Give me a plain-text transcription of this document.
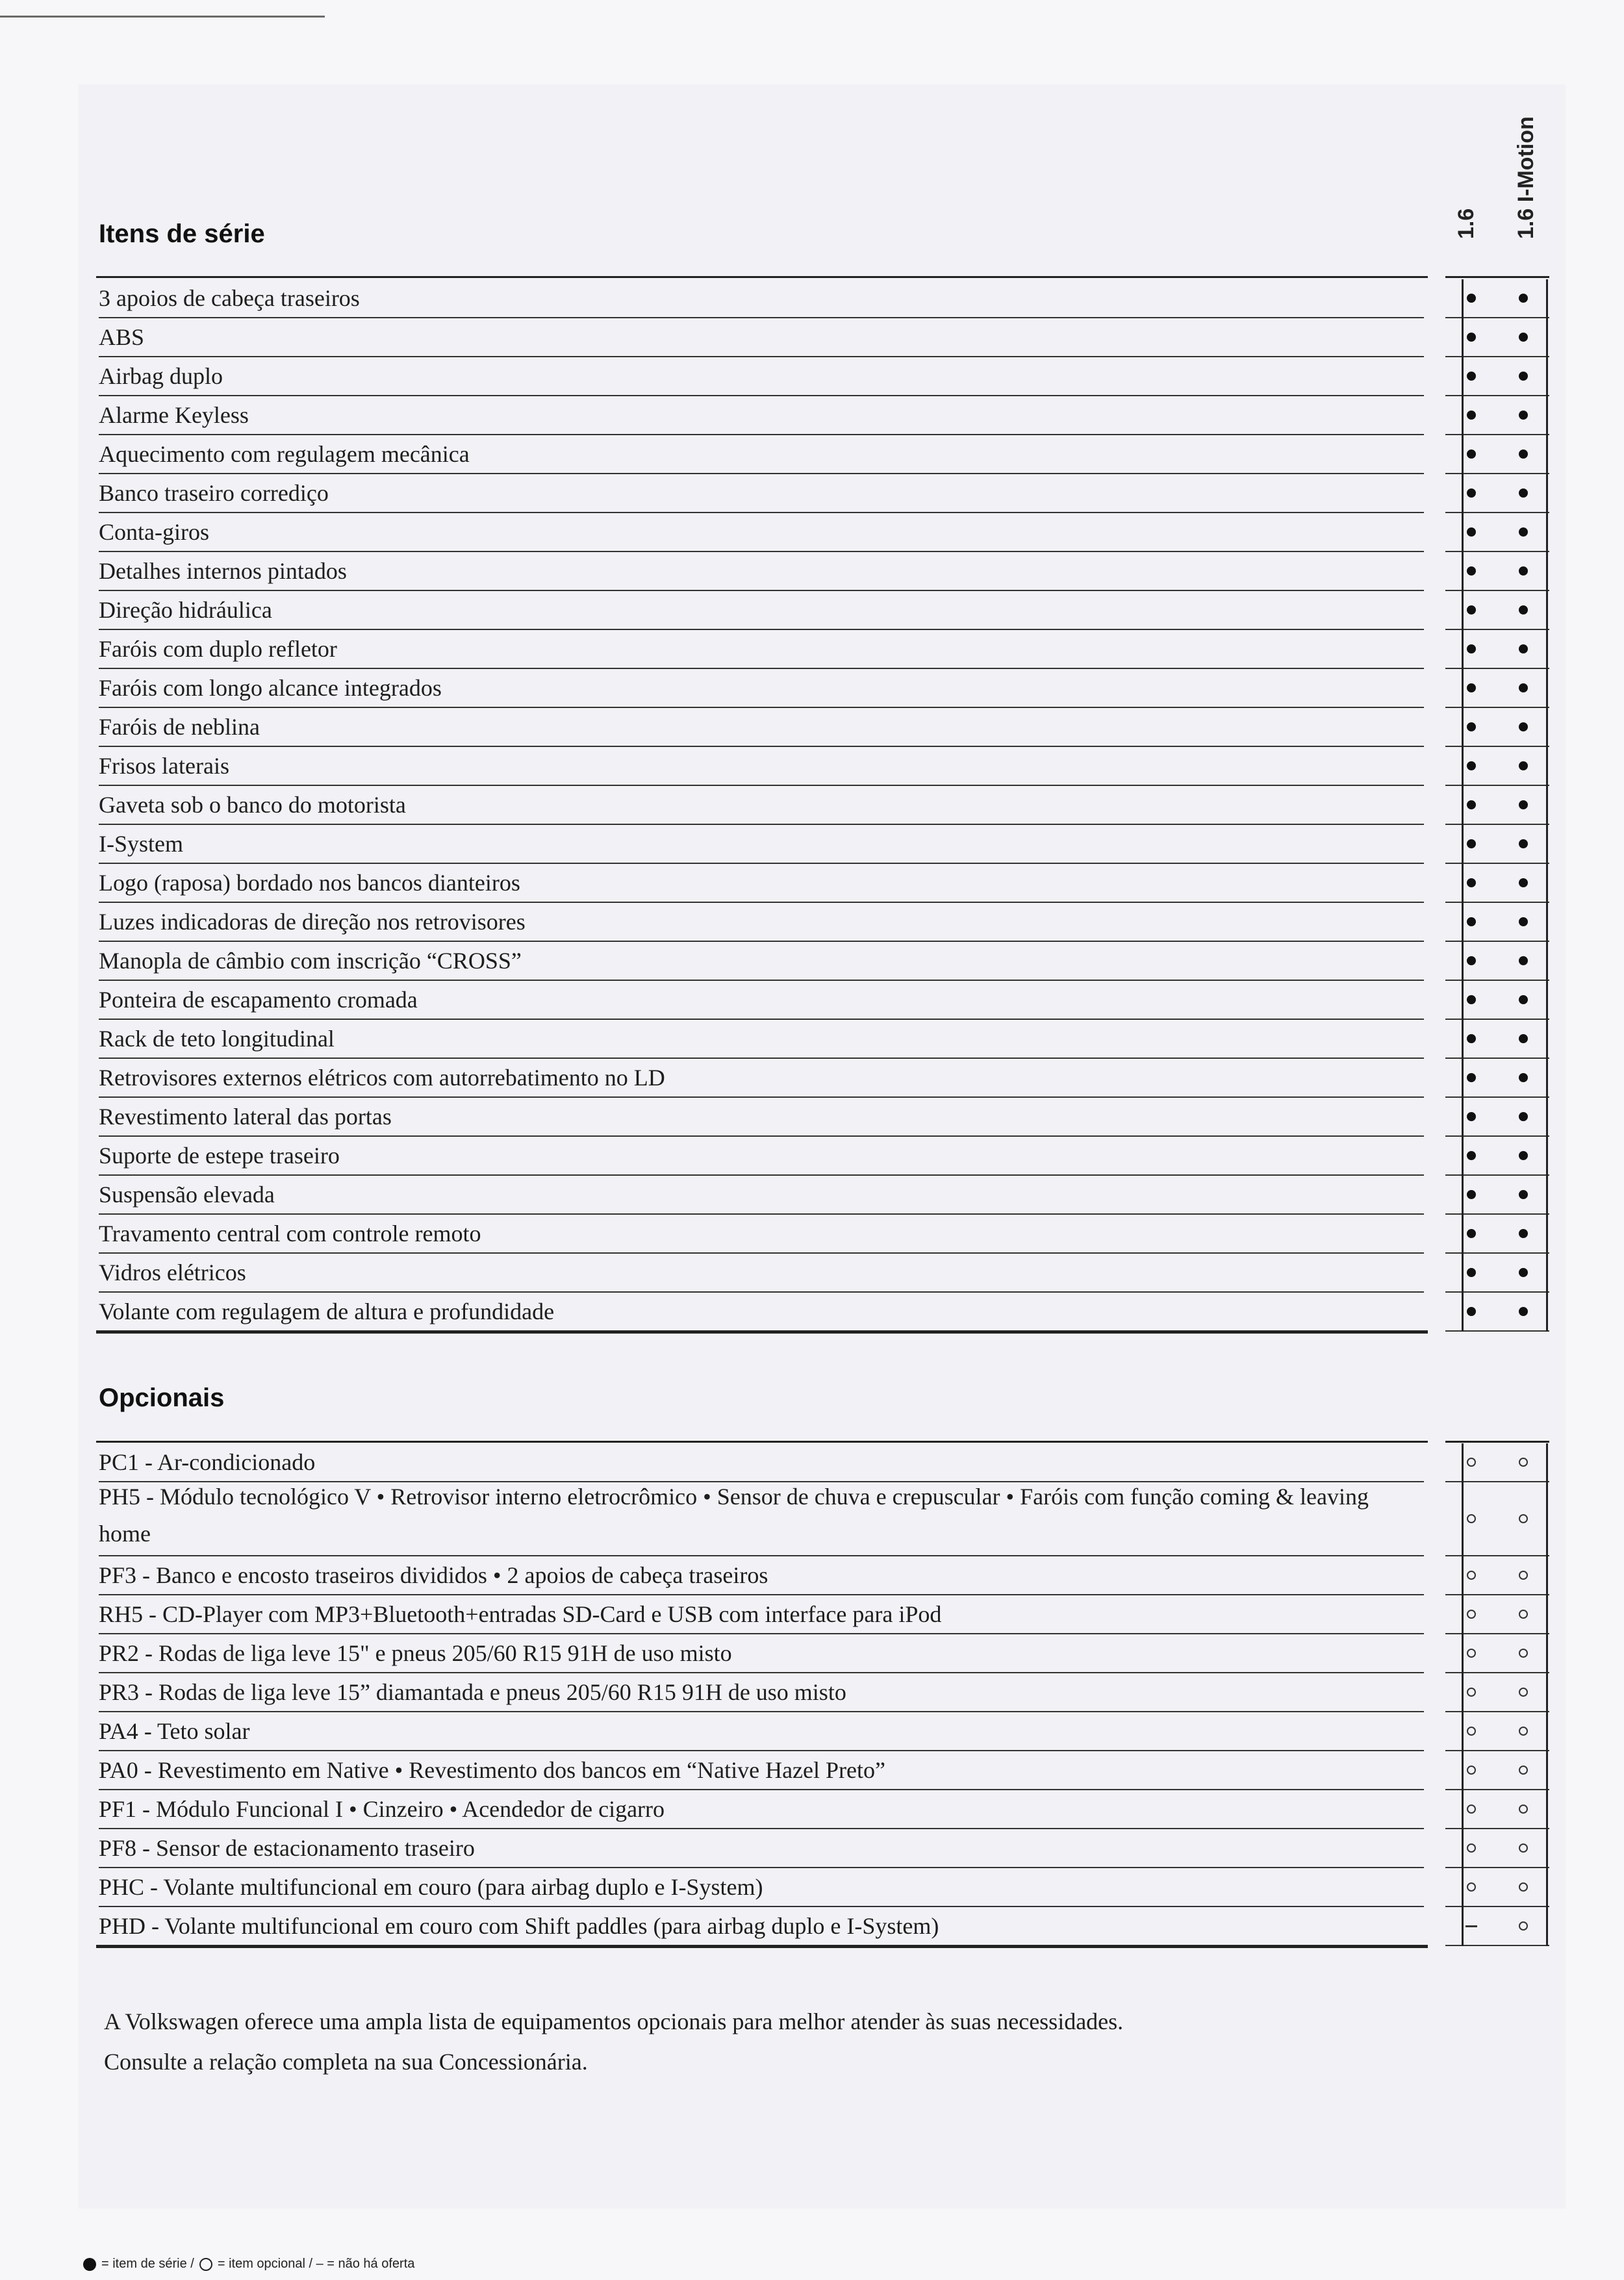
1.6 1.6 I-Motion
Itens de série
3 apoios de cabeça traseiros
ABS
Airbag duplo
Alarme Keyless
Aquecimento com regulagem mecânica
Banco traseiro corrediço
Conta-giros
Detalhes internos pintados
Direção hidráulica
Faróis com duplo refletor
Faróis com longo alcance integrados
Faróis de neblina
Frisos laterais
Gaveta sob o banco do motorista
I-System
Logo (raposa) bordado nos bancos dianteiros
Luzes indicadoras de direção nos retrovisores
Manopla de câmbio com inscrição “CROSS”
Ponteira de escapamento cromada
Rack de teto longitudinal
Retrovisores externos elétricos com autorrebatimento no LD
Revestimento lateral das portas
Suporte de estepe traseiro
Suspensão elevada
Travamento central com controle remoto
Vidros elétricos
Volante com regulagem de altura e profundidade
Opcionais
PC1 - Ar-condicionado
PH5 - Módulo tecnológico V • Retrovisor interno eletrocrômico • Sensor de chuva e crepuscular • Faróis com função coming & leaving home
PF3 - Banco e encosto traseiros divididos • 2 apoios de cabeça traseiros
RH5 - CD-Player com MP3+Bluetooth+entradas SD-Card e USB com interface para iPod
PR2 - Rodas de liga leve 15" e pneus 205/60 R15 91H de uso misto
PR3 - Rodas de liga leve 15” diamantada e pneus 205/60 R15 91H de uso misto
PA4 - Teto solar
PA0 - Revestimento em Native • Revestimento dos bancos em “Native Hazel Preto”
PF1 - Módulo Funcional I • Cinzeiro • Acendedor de cigarro
PF8 - Sensor de estacionamento traseiro
PHC - Volante multifuncional em couro (para airbag duplo e I-System)
PHD - Volante multifuncional em couro com Shift paddles (para airbag duplo e I-System)
A Volkswagen oferece uma ampla lista de equipamentos opcionais para melhor atender às suas necessidades.
Consulte a relação completa na sua Concessionária.
= item de série / = item opcional / – = não há oferta
